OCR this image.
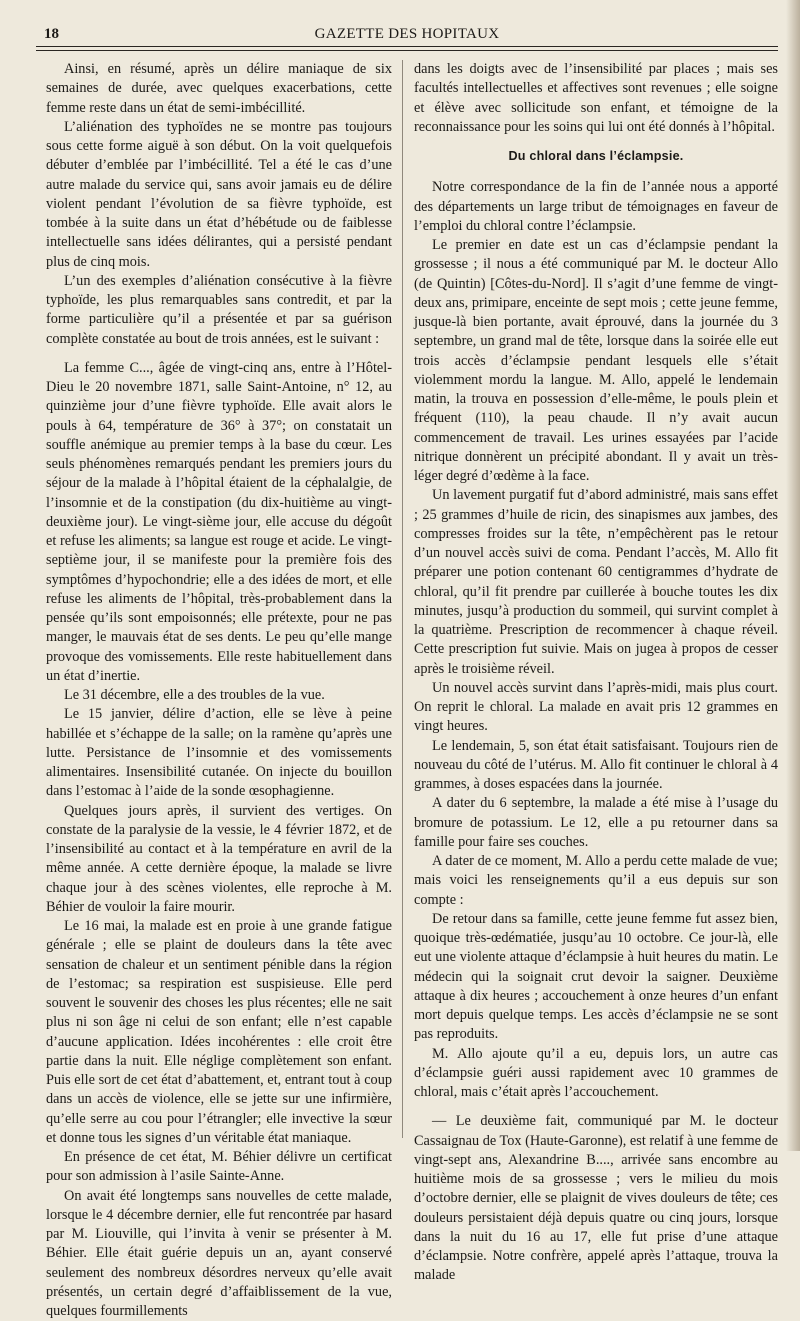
18	GAZETTE DES HOPITAUX

Ainsi, en résumé, après un délire maniaque de six semaines de durée, avec quelques exacerbations, cette femme reste dans un état de semi-imbécillité.

L’aliénation des typhoïdes ne se montre pas toujours sous cette forme aiguë à son début. On la voit quelquefois débuter d’emblée par l’imbécillité. Tel a été le cas d’une autre malade du service qui, sans avoir jamais eu de délire violent pendant l’évolution de sa fièvre typhoïde, est tombée à la suite dans un état d’hébétude ou de faiblesse intellectuelle sans idées délirantes, qui a persisté pendant plus de cinq mois.

L’un des exemples d’aliénation consécutive à la fièvre typhoïde, les plus remarquables sans contredit, et par la forme particulière qu’il a présentée et par sa guérison complète constatée au bout de trois années, est le suivant :

La femme C..., âgée de vingt-cinq ans, entre à l’Hôtel-Dieu le 20 novembre 1871, salle Saint-Antoine, n° 12, au quinzième jour d’une fièvre typhoïde. Elle avait alors le pouls à 64, température de 36° à 37°; on constatait un souffle anémique au premier temps à la base du cœur. Les seuls phénomènes remarqués pendant les premiers jours du séjour de la malade à l’hôpital étaient de la céphalalgie, de l’insomnie et de la constipation (du dix-huitième au vingt-deuxième jour). Le vingt-sième jour, elle accuse du dégoût et refuse les aliments; sa langue est rouge et acide. Le vingt-septième jour, il se manifeste pour la première fois des symptômes d’hypochondrie; elle a des idées de mort, et elle refuse les aliments de l’hôpital, très-probablement dans la pensée qu’ils sont empoisonnés; elle prétexte, pour ne pas manger, le mauvais état de ses dents. Le peu qu’elle mange provoque des vomissements. Elle reste habituellement dans un état d’inertie.

Le 31 décembre, elle a des troubles de la vue.

Le 15 janvier, délire d’action, elle se lève à peine habillée et s’échappe de la salle; on la ramène qu’après une lutte. Persistance de l’insomnie et des vomissements alimentaires. Insensibilité cutanée. On injecte du bouillon dans l’estomac à l’aide de la sonde œsophagienne.

Quelques jours après, il survient des vertiges. On constate de la paralysie de la vessie, le 4 février 1872, et de l’insensibilité au contact et à la température en avril de la même année. A cette dernière époque, la malade se livre chaque jour à des scènes violentes, elle reproche à M. Béhier de vouloir la faire mourir.

Le 16 mai, la malade est en proie à une grande fatigue générale ; elle se plaint de douleurs dans la tête avec sensation de chaleur et un sentiment pénible dans la région de l’estomac; sa respiration est suspisieuse. Elle perd souvent le souvenir des choses les plus récentes; elle ne sait plus ni son âge ni celui de son enfant; elle n’est capable d’aucune application. Idées incohérentes : elle croit être partie dans la nuit. Elle néglige complètement son enfant. Puis elle sort de cet état d’abattement, et, entrant tout à coup dans un accès de violence, elle se jette sur une infirmière, qu’elle serre au cou pour l’étrangler; elle invective la sœur et donne tous les signes d’un véritable état maniaque.

En présence de cet état, M. Béhier délivre un certificat pour son admission à l’asile Sainte-Anne.

On avait été longtemps sans nouvelles de cette malade, lorsque le 4 décembre dernier, elle fut rencontrée par hasard par M. Liouville, qui l’invita à venir se présenter à M. Béhier. Elle était guérie depuis un an, ayant conservé seulement des nombreux désordres nerveux qu’elle avait présentés, un certain degré d’affaiblissement de la vue, quelques fourmillements

dans les doigts avec de l’insensibilité par places ; mais ses facultés intellectuelles et affectives sont revenues ; elle soigne et élève avec sollicitude son enfant, et témoigne de la reconnaissance pour les soins qui lui ont été donnés à l’hôpital.

Du chloral dans l’éclampsie.

Notre correspondance de la fin de l’année nous a apporté des départements un large tribut de témoignages en faveur de l’emploi du chloral contre l’éclampsie.

Le premier en date est un cas d’éclampsie pendant la grossesse ; il nous a été communiqué par M. le docteur Allo (de Quintin) [Côtes-du-Nord]. Il s’agit d’une femme de vingt-deux ans, primipare, enceinte de sept mois ; cette jeune femme, jusque-là bien portante, avait éprouvé, dans la journée du 3 septembre, un grand mal de tête, lorsque dans la soirée elle eut trois accès d’éclampsie pendant lesquels elle s’était violemment mordu la langue. M. Allo, appelé le lendemain matin, la trouva en possession d’elle-même, le pouls plein et fréquent (110), la peau chaude. Il n’y avait aucun commencement de travail. Les urines essayées par l’acide nitrique donnèrent un précipité abondant. Il y avait un très-léger degré d’œdème à la face.

Un lavement purgatif fut d’abord administré, mais sans effet ; 25 grammes d’huile de ricin, des sinapismes aux jambes, des compresses froides sur la tête, n’empêchèrent pas le retour d’un nouvel accès suivi de coma. Pendant l’accès, M. Allo fit préparer une potion contenant 60 centigrammes d’hydrate de chloral, qu’il fit prendre par cuillerée à bouche toutes les dix minutes, jusqu’à production du sommeil, qui survint complet à la quatrième. Prescription de recommencer à chaque réveil. Cette prescription fut suivie. Mais on jugea à propos de cesser après le troisième réveil.

Un nouvel accès survint dans l’après-midi, mais plus court. On reprit le chloral. La malade en avait pris 12 grammes en vingt heures.

Le lendemain, 5, son état était satisfaisant. Toujours rien de nouveau du côté de l’utérus. M. Allo fit continuer le chloral à 4 grammes, à doses espacées dans la journée.

A dater du 6 septembre, la malade a été mise à l’usage du bromure de potassium. Le 12, elle a pu retourner dans sa famille pour faire ses couches.

A dater de ce moment, M. Allo a perdu cette malade de vue; mais voici les renseignements qu’il a eus depuis sur son compte :

De retour dans sa famille, cette jeune femme fut assez bien, quoique très-œdématiée, jusqu’au 10 octobre. Ce jour-là, elle eut une violente attaque d’éclampsie à huit heures du matin. Le médecin qui la soignait crut devoir la saigner. Deuxième attaque à dix heures ; accouchement à onze heures d’un enfant mort depuis quelque temps. Les accès d’éclampsie ne se sont pas reproduits.

M. Allo ajoute qu’il a eu, depuis lors, un autre cas d’éclampsie guéri aussi rapidement avec 10 grammes de chloral, mais c’était après l’accouchement.

— Le deuxième fait, communiqué par M. le docteur Cassaignau de Tox (Haute-Garonne), est relatif à une femme de vingt-sept ans, Alexandrine B...., arrivée sans encombre au huitième mois de sa grossesse ; vers le milieu du mois d’octobre dernier, elle se plaignit de vives douleurs de tête; ces douleurs persistaient déjà depuis quatre ou cinq jours, lorsque dans la nuit du 16 au 17, elle fut prise d’une attaque d’éclampsie. Notre confrère, appelé après l’attaque, trouva la malade
